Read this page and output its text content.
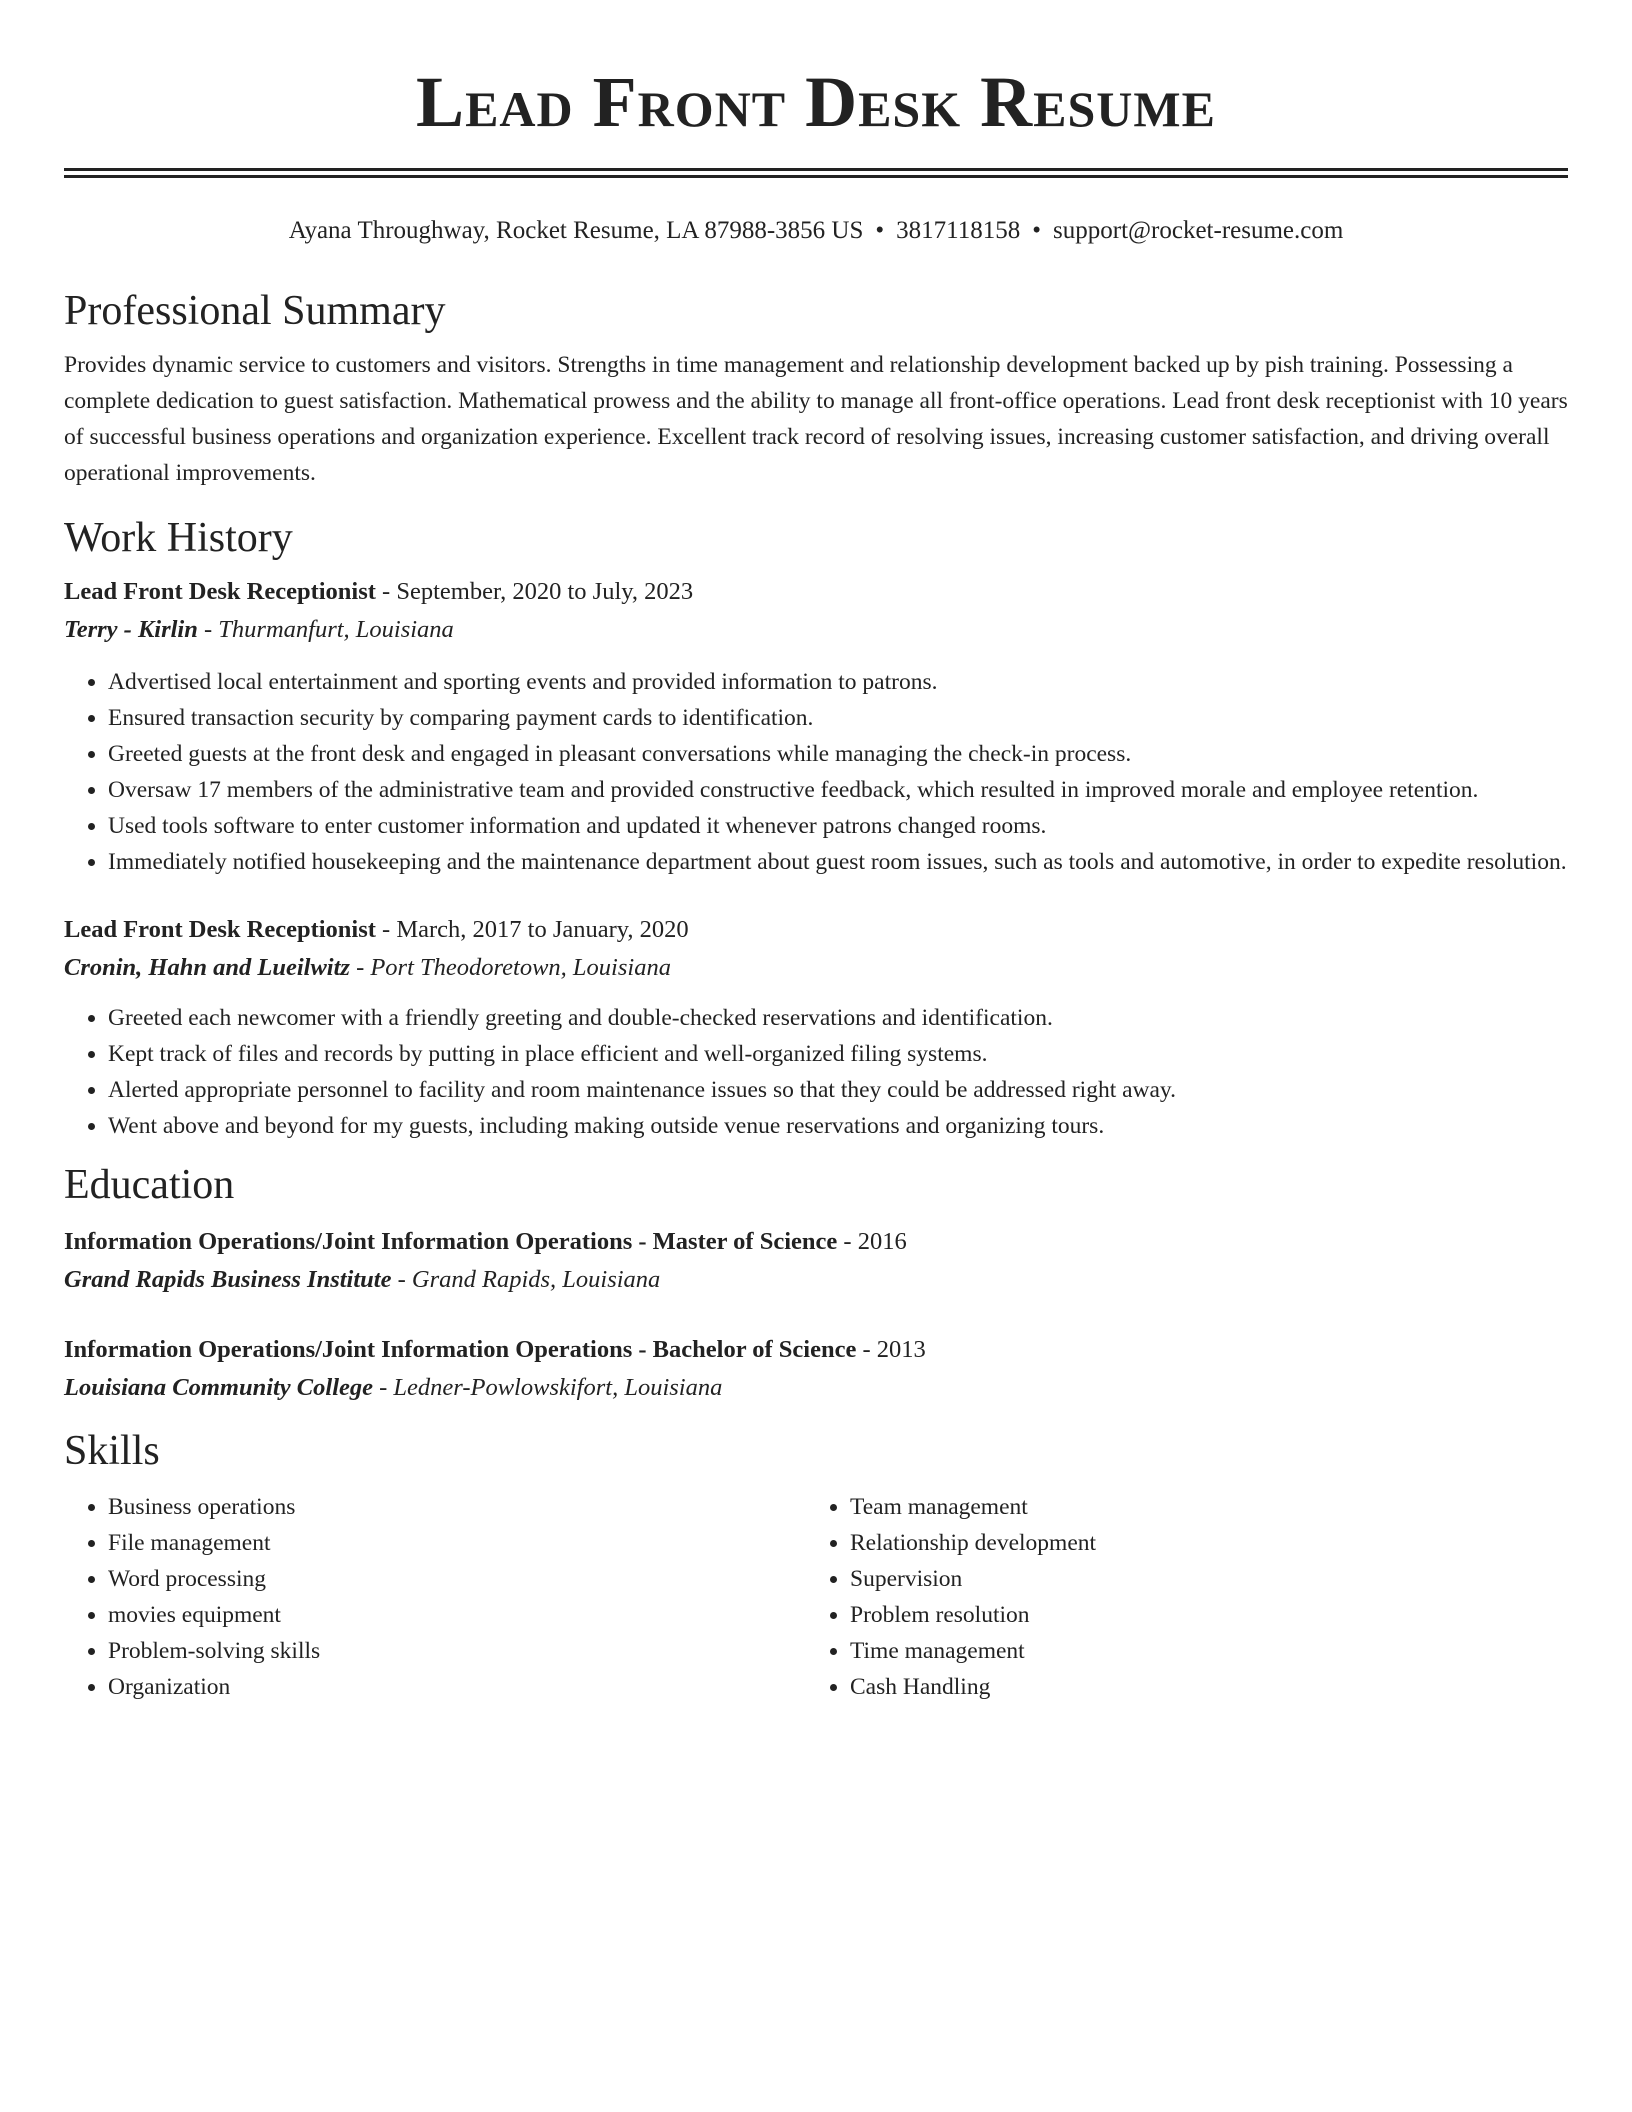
Lead Front Desk Resume
Ayana Throughway, Rocket Resume, LA 87988-3856 US • 3817118158 • support@rocket-resume.com
Professional Summary

Provides dynamic service to customers and visitors. Strengths in time management and relationship development backed up by pish training. Possessing a complete dedication to guest satisfaction. Mathematical prowess and the ability to manage all front-office operations. Lead front desk receptionist with 10 years of successful business operations and organization experience. Excellent track record of resolving issues, increasing customer satisfaction, and driving overall operational improvements.

Work History

Lead Front Desk Receptionist - September, 2020 to July, 2023

Terry - Kirlin - Thurmanfurt, Louisiana

• Advertised local entertainment and sporting events and provided information to patrons.
• Ensured transaction security by comparing payment cards to identification.
• Greeted guests at the front desk and engaged in pleasant conversations while managing the check-in process.
• Oversaw 17 members of the administrative team and provided constructive feedback, which resulted in improved morale and employee retention.
• Used tools software to enter customer information and updated it whenever patrons changed rooms.
• Immediately notified housekeeping and the maintenance department about guest room issues, such as tools and automotive, in order to expedite resolution.

Lead Front Desk Receptionist - March, 2017 to January, 2020

Cronin, Hahn and Lueilwitz - Port Theodoretown, Louisiana

• Greeted each newcomer with a friendly greeting and double-checked reservations and identification.
• Kept track of files and records by putting in place efficient and well-organized filing systems.
• Alerted appropriate personnel to facility and room maintenance issues so that they could be addressed right away.
• Went above and beyond for my guests, including making outside venue reservations and organizing tours.
Education

Information Operations/Joint Information Operations - Master of Science - 2016

Grand Rapids Business Institute - Grand Rapids, Louisiana

Information Operations/Joint Information Operations - Bachelor of Science - 2013

Louisiana Community College - Ledner-Powlowskifort, Louisiana

Skills
• Business operations
• File management
• Word processing
• movies equipment
• Problem-solving skills
• Organization
• Team management
• Relationship development
• Supervision
• Problem resolution
• Time management
• Cash Handling
